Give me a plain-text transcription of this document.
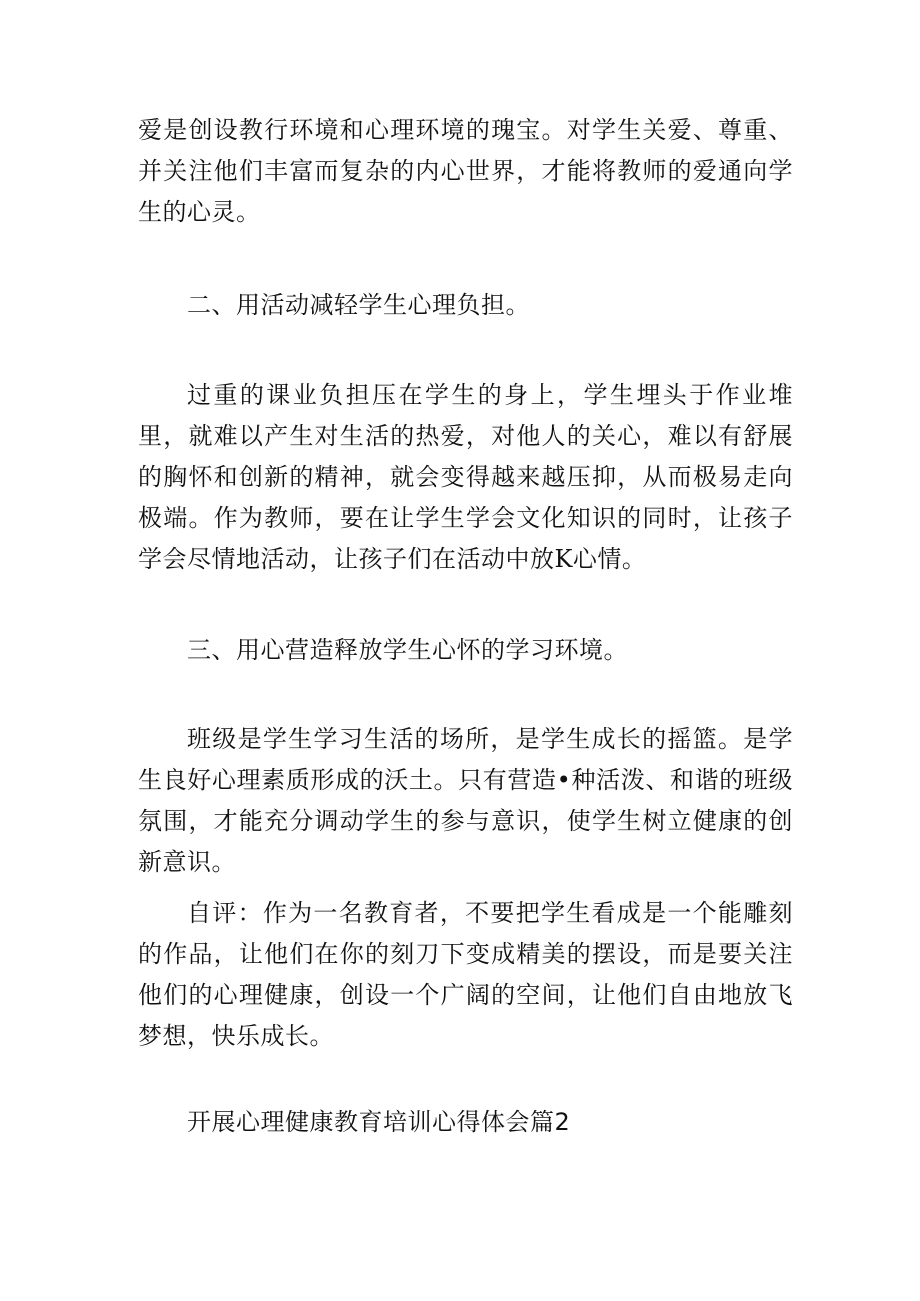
爱是创设教行环境和心理环境的瑰宝。对学生关爱、尊重、并关注他们丰富而复杂的内心世界，才能将教师的爱通向学生的心灵。

二、用活动减轻学生心理负担。

过重的课业负担压在学生的身上，学生埋头于作业堆里，就难以产生对生活的热爱，对他人的关心，难以有舒展的胸怀和创新的精神，就会变得越来越压抑，从而极易走向极端。作为教师，要在让学生学会文化知识的同时，让孩子学会尽情地活动，让孩子们在活动中放K心情。

三、用心营造释放学生心怀的学习环境。

班级是学生学习生活的场所，是学生成长的摇篮。是学生良好心理素质形成的沃土。只有营造•种活泼、和谐的班级氛围，才能充分调动学生的参与意识，使学生树立健康的创新意识。

自评：作为一名教育者，不要把学生看成是一个能雕刻的作品，让他们在你的刻刀下变成精美的摆设，而是要关注他们的心理健康，创设一个广阔的空间，让他们自由地放飞梦想，快乐成长。

开展心理健康教育培训心得体会篇2
